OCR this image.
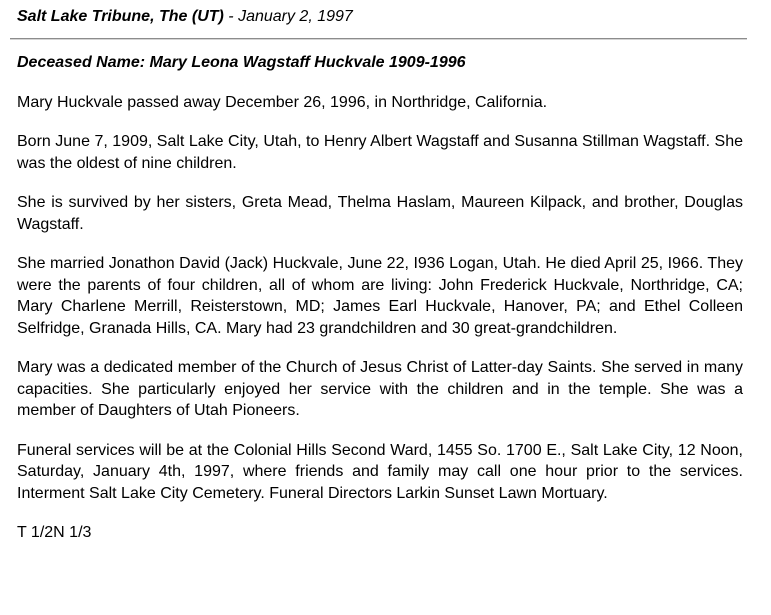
Salt Lake Tribune, The (UT) - January 2, 1997

Deceased Name: Mary Leona Wagstaff Huckvale 1909-1996

Mary Huckvale passed away December 26, 1996, in Northridge, California.

Born June 7, 1909, Salt Lake City, Utah, to Henry Albert Wagstaff and Susanna Stillman Wagstaff. She was the oldest of nine children.

She is survived by her sisters, Greta Mead, Thelma Haslam, Maureen Kilpack, and brother, Douglas Wagstaff.

She married Jonathon David (Jack) Huckvale, June 22, I936 Logan, Utah. He died April 25, I966. They were the parents of four children, all of whom are living: John Frederick Huckvale, Northridge, CA; Mary Charlene Merrill, Reisterstown, MD; James Earl Huckvale, Hanover, PA; and Ethel Colleen Selfridge, Granada Hills, CA. Mary had 23 grandchildren and 30 great-grandchildren.

Mary was a dedicated member of the Church of Jesus Christ of Latter-day Saints. She served in many capacities. She particularly enjoyed her service with the children and in the temple. She was a member of Daughters of Utah Pioneers.

Funeral services will be at the Colonial Hills Second Ward, 1455 So. 1700 E., Salt Lake City, 12 Noon, Saturday, January 4th, 1997, where friends and family may call one hour prior to the services. Interment Salt Lake City Cemetery. Funeral Directors Larkin Sunset Lawn Mortuary.

T 1/2N 1/3
